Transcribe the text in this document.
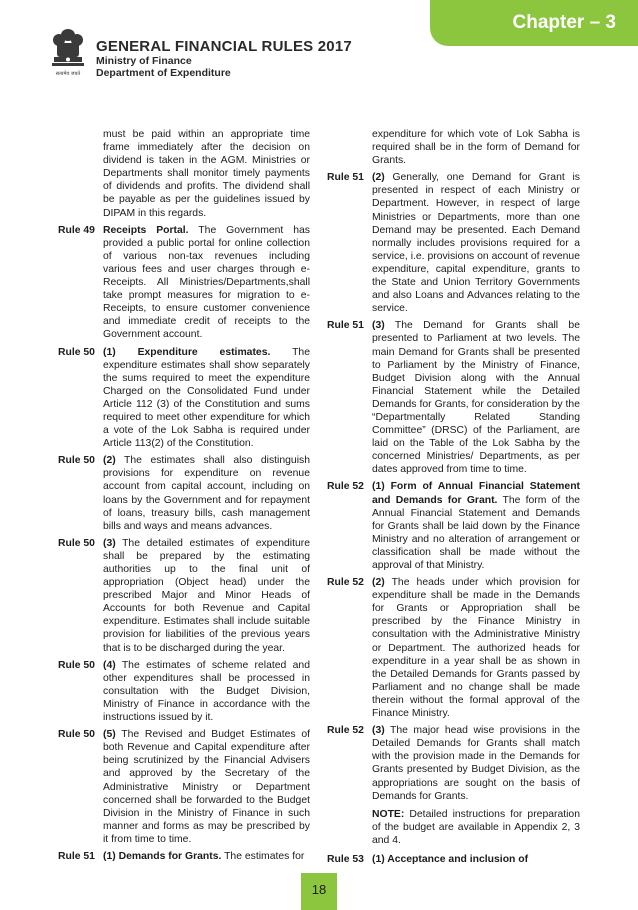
सत्यमेव जयते
GENERAL FINANCIAL RULES 2017
Ministry of Finance
Department of Expenditure
Chapter – 3
must be paid within an appropriate time frame immediately after the decision on dividend is taken in the AGM. Ministries or Departments shall monitor timely payments of dividends and profits. The dividend shall be payable as per the guidelines issued by DIPAM in this regards.
Rule 49 Receipts Portal. The Government has provided a public portal for online collection of various non-tax revenues including various fees and user charges through e-Receipts. All Ministries/Departments,shall take prompt measures for migration to e-Receipts, to ensure customer convenience and immediate credit of receipts to the Government account.
Rule 50 (1) Expenditure estimates. The expenditure estimates shall show separately the sums required to meet the expenditure Charged on the Consolidated Fund under Article 112 (3) of the Constitution and sums required to meet other expenditure for which a vote of the Lok Sabha is required under Article 113(2) of the Constitution.
Rule 50 (2) The estimates shall also distinguish provisions for expenditure on revenue account from capital account, including on loans by the Government and for repayment of loans, treasury bills, cash management bills and ways and means advances.
Rule 50 (3) The detailed estimates of expenditure shall be prepared by the estimating authorities up to the final unit of appropriation (Object head) under the prescribed Major and Minor Heads of Accounts for both Revenue and Capital expenditure. Estimates shall include suitable provision for liabilities of the previous years that is to be discharged during the year.
Rule 50 (4) The estimates of scheme related and other expenditures shall be processed in consultation with the Budget Division, Ministry of Finance in accordance with the instructions issued by it.
Rule 50 (5) The Revised and Budget Estimates of both Revenue and Capital expenditure after being scrutinized by the Financial Advisers and approved by the Secretary of the Administrative Ministry or Department concerned shall be forwarded to the Budget Division in the Ministry of Finance in such manner and forms as may be prescribed by it from time to time.
Rule 51 (1) Demands for Grants. The estimates for
expenditure for which vote of Lok Sabha is required shall be in the form of Demand for Grants.
Rule 51 (2) Generally, one Demand for Grant is presented in respect of each Ministry or Department. However, in respect of large Ministries or Departments, more than one Demand may be presented. Each Demand normally includes provisions required for a service, i.e. provisions on account of revenue expenditure, capital expenditure, grants to the State and Union Territory Governments and also Loans and Advances relating to the service.
Rule 51 (3) The Demand for Grants shall be presented to Parliament at two levels. The main Demand for Grants shall be presented to Parliament by the Ministry of Finance, Budget Division along with the Annual Financial Statement while the Detailed Demands for Grants, for consideration by the “Departmentally Related Standing Committee” (DRSC) of the Parliament, are laid on the Table of the Lok Sabha by the concerned Ministries/ Departments, as per dates approved from time to time.
Rule 52 (1) Form of Annual Financial Statement and Demands for Grant. The form of the Annual Financial Statement and Demands for Grants shall be laid down by the Finance Ministry and no alteration of arrangement or classification shall be made without the approval of that Ministry.
Rule 52 (2) The heads under which provision for expenditure shall be made in the Demands for Grants or Appropriation shall be prescribed by the Finance Ministry in consultation with the Administrative Ministry or Department. The authorized heads for expenditure in a year shall be as shown in the Detailed Demands for Grants passed by Parliament and no change shall be made therein without the formal approval of the Finance Ministry.
Rule 52 (3) The major head wise provisions in the Detailed Demands for Grants shall match with the provision made in the Demands for Grants presented by Budget Division, as the appropriations are sought on the basis of Demands for Grants.
NOTE: Detailed instructions for preparation of the budget are available in Appendix 2, 3 and 4.
Rule 53 (1) Acceptance and inclusion of
18
